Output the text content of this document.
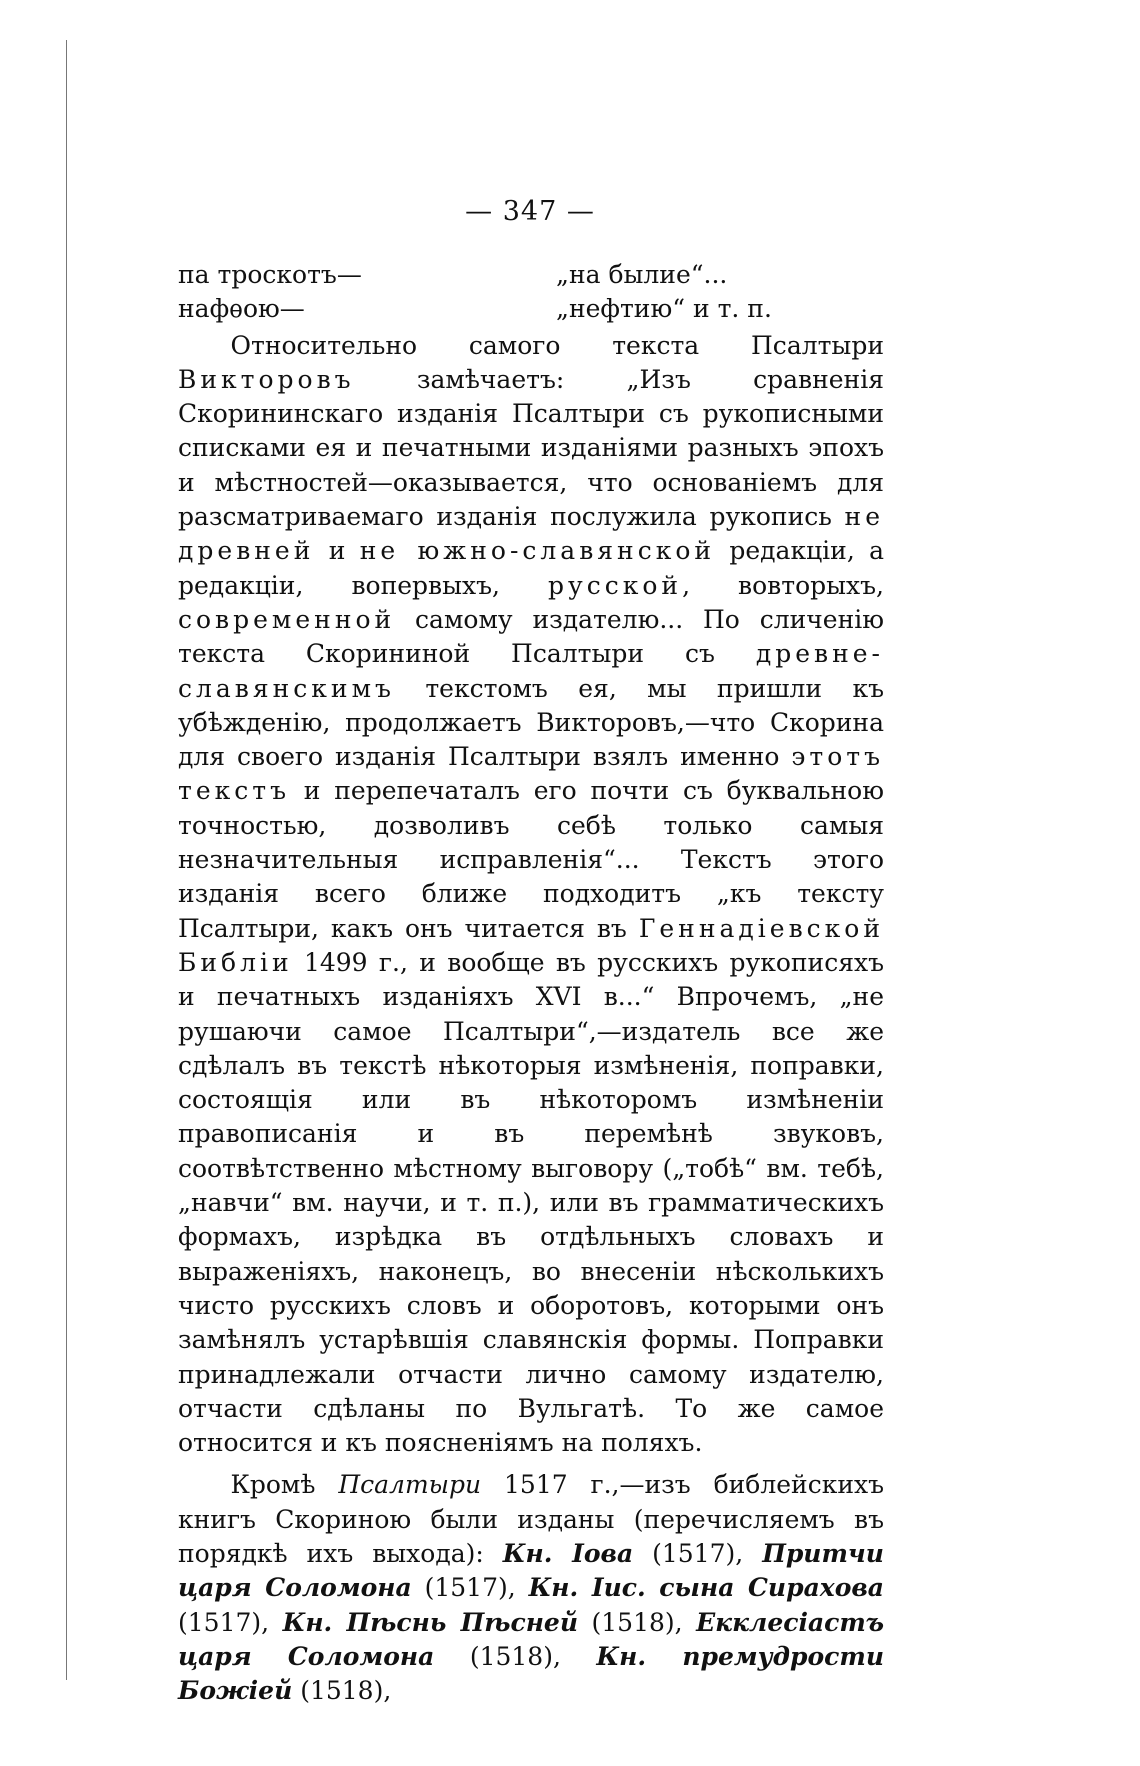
— 347 —
па троскотъ—	„на былие“...
нафѳою—	„нефтию“ и т. п.

Относительно самого текста Псалтыри Викторовъ замѣчаетъ: „Изъ сравненія Скорининскаго изданія Псалтыри съ рукописными списками ея и печатными изданіями разныхъ эпохъ и мѣстностей—оказывается, что основаніемъ для разсматриваемаго изданія послужила рукопись не древней и не южно-славянской редакціи, а редакціи, вопервыхъ, русской, вовторыхъ, современной самому издателю... По сличенію текста Скорининой Псалтыри съ древне-славянскимъ текстомъ ея, мы пришли къ убѣжденію, продолжаетъ Викторовъ,—что Скорина для своего изданія Псалтыри взялъ именно этотъ текстъ и перепечаталъ его почти съ буквальною точностью, дозволивъ себѣ только самыя незначительныя исправленія“... Текстъ этого изданія всего ближе подходитъ „къ тексту Псалтыри, какъ онъ читается въ Геннадіевской Библіи 1499 г., и вообще въ русскихъ рукописяхъ и печатныхъ изданіяхъ XVI в...“ Впрочемъ, „не рушаючи самое Псалтыри“,—издатель все же сдѣлалъ въ текстѣ нѣкоторыя измѣненія, поправки, состоящія или въ нѣкоторомъ измѣненіи правописанія и въ перемѣнѣ звуковъ, соотвѣтственно мѣстному выговору („тобѣ“ вм. тебѣ, „навчи“ вм. научи, и т. п.), или въ грамматическихъ формахъ, изрѣдка въ отдѣльныхъ словахъ и выраженіяхъ, наконецъ, во внесеніи нѣсколькихъ чисто русскихъ словъ и оборотовъ, которыми онъ замѣнялъ устарѣвшія славянскія формы. Поправки принадлежали отчасти лично самому издателю, отчасти сдѣланы по Вульгатѣ. То же самое относится и къ поясненіямъ на поляхъ.

Кромѣ Псалтыри 1517 г.,—изъ библейскихъ книгъ Скориною были изданы (перечисляемъ въ порядкѣ ихъ выхода): Кн. Іова (1517), Притчи царя Соломона (1517), Кн. Іис. сына Сирахова (1517), Кн. Пѣснь Пѣсней (1518), Екклесіастъ царя Соломона (1518), Кн. премудрости Божіей (1518),
